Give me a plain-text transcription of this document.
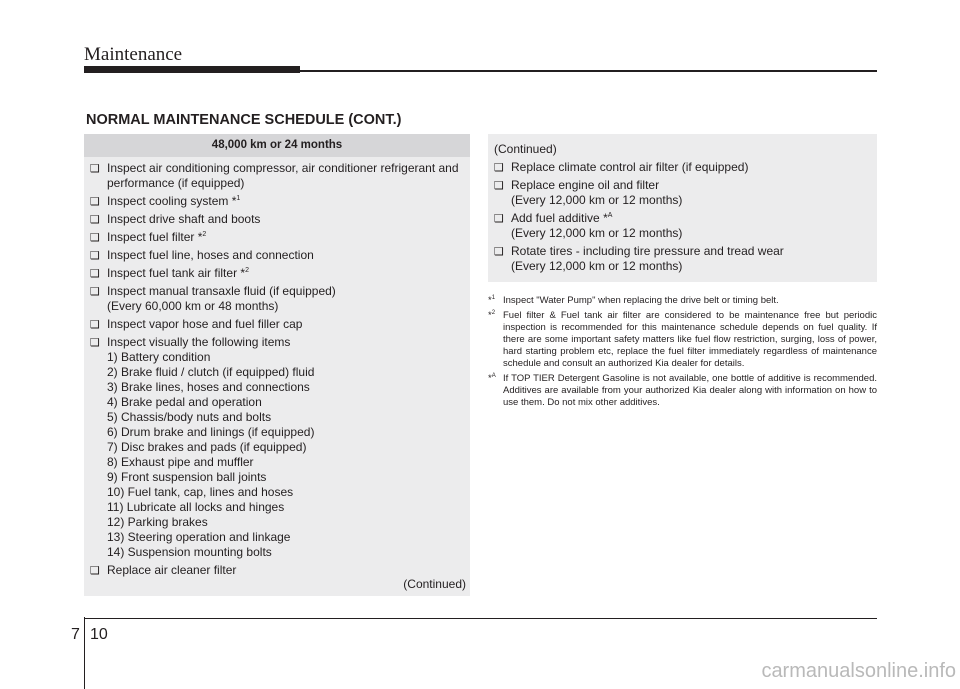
Maintenance
NORMAL MAINTENANCE SCHEDULE (CONT.)
48,000 km or 24 months
❑ Inspect air conditioning compressor, air conditioner refrigerant and
performance (if equipped)
❑ Inspect cooling system *$^1$
❑ Inspect drive shaft and boots
❑ Inspect fuel filter *$^2$
❑ Inspect fuel line, hoses and connection
❑ Inspect fuel tank air filter *$^2$
❑ Inspect manual transaxle fluid (if equipped)
(Every 60,000 km or 48 months)
❑ Inspect vapor hose and fuel filler cap
❑ Inspect visually the following items
1) Battery condition
2) Brake fluid / clutch (if equipped) fluid
3) Brake lines, hoses and connections
4) Brake pedal and operation
5) Chassis/body nuts and bolts
6) Drum brake and linings (if equipped)
7) Disc brakes and pads (if equipped)
8) Exhaust pipe and muffler
9) Front suspension ball joints
10) Fuel tank, cap, lines and hoses
11) Lubricate all locks and hinges
12) Parking brakes
13) Steering operation and linkage
14) Suspension mounting bolts
❑ Replace air cleaner filter
(Continued)
(Continued)
❑ Replace climate control air filter (if equipped)
❑ Replace engine oil and filter
(Every 12,000 km or 12 months)
❑ Add fuel additive *$^A$
(Every 12,000 km or 12 months)
❑ Rotate tires - including tire pressure and tread wear
(Every 12,000 km or 12 months)
*$^1$ Inspect "Water Pump" when replacing the drive belt or timing belt.
*$^2$ Fuel filter & Fuel tank air filter are considered to be maintenance free but periodic inspection is recommended for this maintenance schedule depends on fuel quality. If there are some important safety matters like fuel flow restriction, surging, loss of power, hard starting problem etc, replace the fuel filter immediately regardless of maintenance schedule and consult an authorized Kia dealer for details.
*$^A$ If TOP TIER Detergent Gasoline is not available, one bottle of additive is recommended. Additives are available from your authorized Kia dealer along with information on how to use them. Do not mix other additives.
7 10
carmanualsonline.info
